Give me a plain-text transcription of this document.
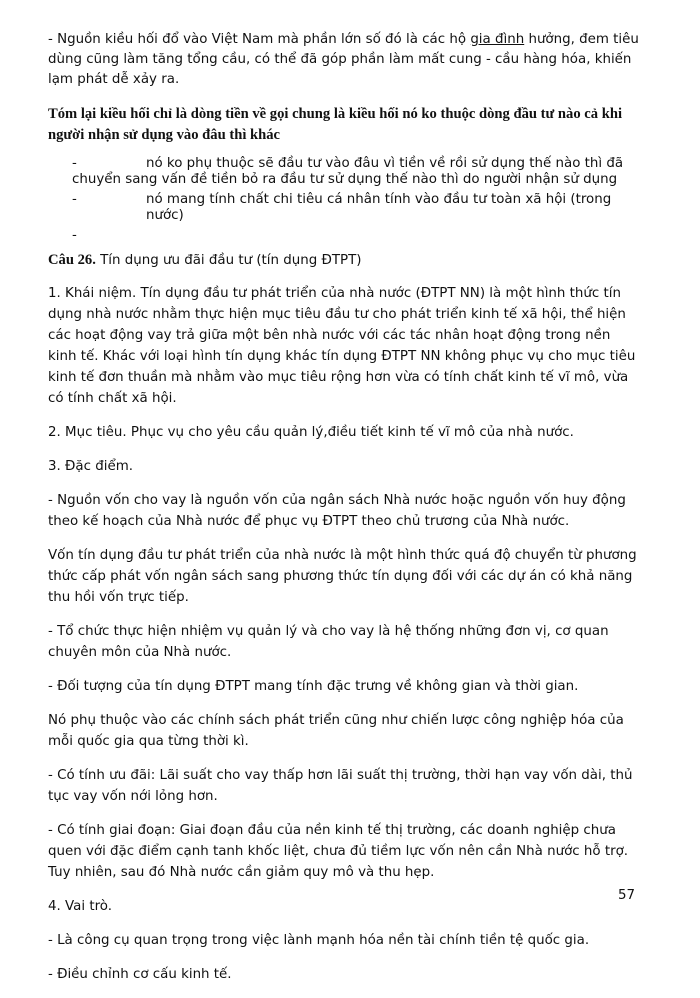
- Nguồn kiều hối đổ vào Việt Nam mà phần lớn số đó là các hộ gia đình hưởng, đem tiêu dùng cũng làm tăng tổng cầu, có thể đã góp phần làm mất cung - cầu hàng hóa, khiến lạm phát dễ xảy ra.

Tóm lại kiều hối chỉ là dòng tiền về gọi chung là kiều hối nó ko thuộc dòng đầu tư nào cả khi người nhận sử dụng vào đâu thì khác

-	nó ko phụ thuộc sẽ đầu tư vào đâu vì tiền về rồi sử dụng thế nào thì đã
chuyển sang vấn đề tiền bỏ ra đầu tư sử dụng thế nào thì do người nhận sử dụng
-	nó mang tính chất chi tiêu cá nhân tính vào đầu tư toàn xã hội (trong nước)
-

Câu 26. Tín dụng ưu đãi đầu tư (tín dụng ĐTPT)

1. Khái niệm. Tín dụng đầu tư phát triển của nhà nước (ĐTPT NN) là một hình thức tín dụng nhà nước nhằm thực hiện mục tiêu đầu tư cho phát triển kinh tế xã hội, thể hiện các hoạt động vay trả giữa một bên nhà nước với các tác nhân hoạt động trong nền kinh tế. Khác với loại hình tín dụng khác tín dụng ĐTPT NN không phục vụ cho mục tiêu kinh tế đơn thuần mà nhằm vào mục tiêu rộng hơn vừa có tính chất kinh tế vĩ mô, vừa có tính chất xã hội.

2. Mục tiêu. Phục vụ cho yêu cầu quản lý,điều tiết kinh tế vĩ mô của nhà nước.

3. Đặc điểm.

- Nguồn vốn cho vay là nguồn vốn của ngân sách Nhà nước hoặc nguồn vốn huy động theo kế hoạch của Nhà nước để phục vụ ĐTPT theo chủ trương của Nhà nước.

Vốn tín dụng đầu tư phát triển của nhà nước là một hình thức quá độ chuyển từ phương thức cấp phát vốn ngân sách sang phương thức tín dụng đối với các dự án có khả năng thu hồi vốn trực tiếp.

- Tổ chức thực hiện nhiệm vụ quản lý và cho vay là hệ thống những đơn vị, cơ quan chuyên môn của Nhà nước.

- Đối tượng của tín dụng ĐTPT mang tính đặc trưng về không gian và thời gian.

Nó phụ thuộc vào các chính sách phát triển cũng như chiến lược công nghiệp hóa của mỗi quốc gia qua từng thời kì.

- Có tính ưu đãi: Lãi suất cho vay thấp hơn lãi suất thị trường, thời hạn vay vốn dài, thủ tục vay vốn nới lỏng hơn.

- Có tính giai đoạn: Giai đoạn đầu của nền kinh tế thị trường, các doanh nghiệp chưa quen với đặc điểm cạnh tanh khốc liệt, chưa đủ tiềm lực vốn nên cần Nhà nước hỗ trợ. Tuy nhiên, sau đó Nhà nước cần giảm quy mô và thu hẹp.

4. Vai trò.

- Là công cụ quan trọng trong việc lành mạnh hóa nền tài chính tiền tệ quốc gia.

- Điều chỉnh cơ cấu kinh tế.

57
